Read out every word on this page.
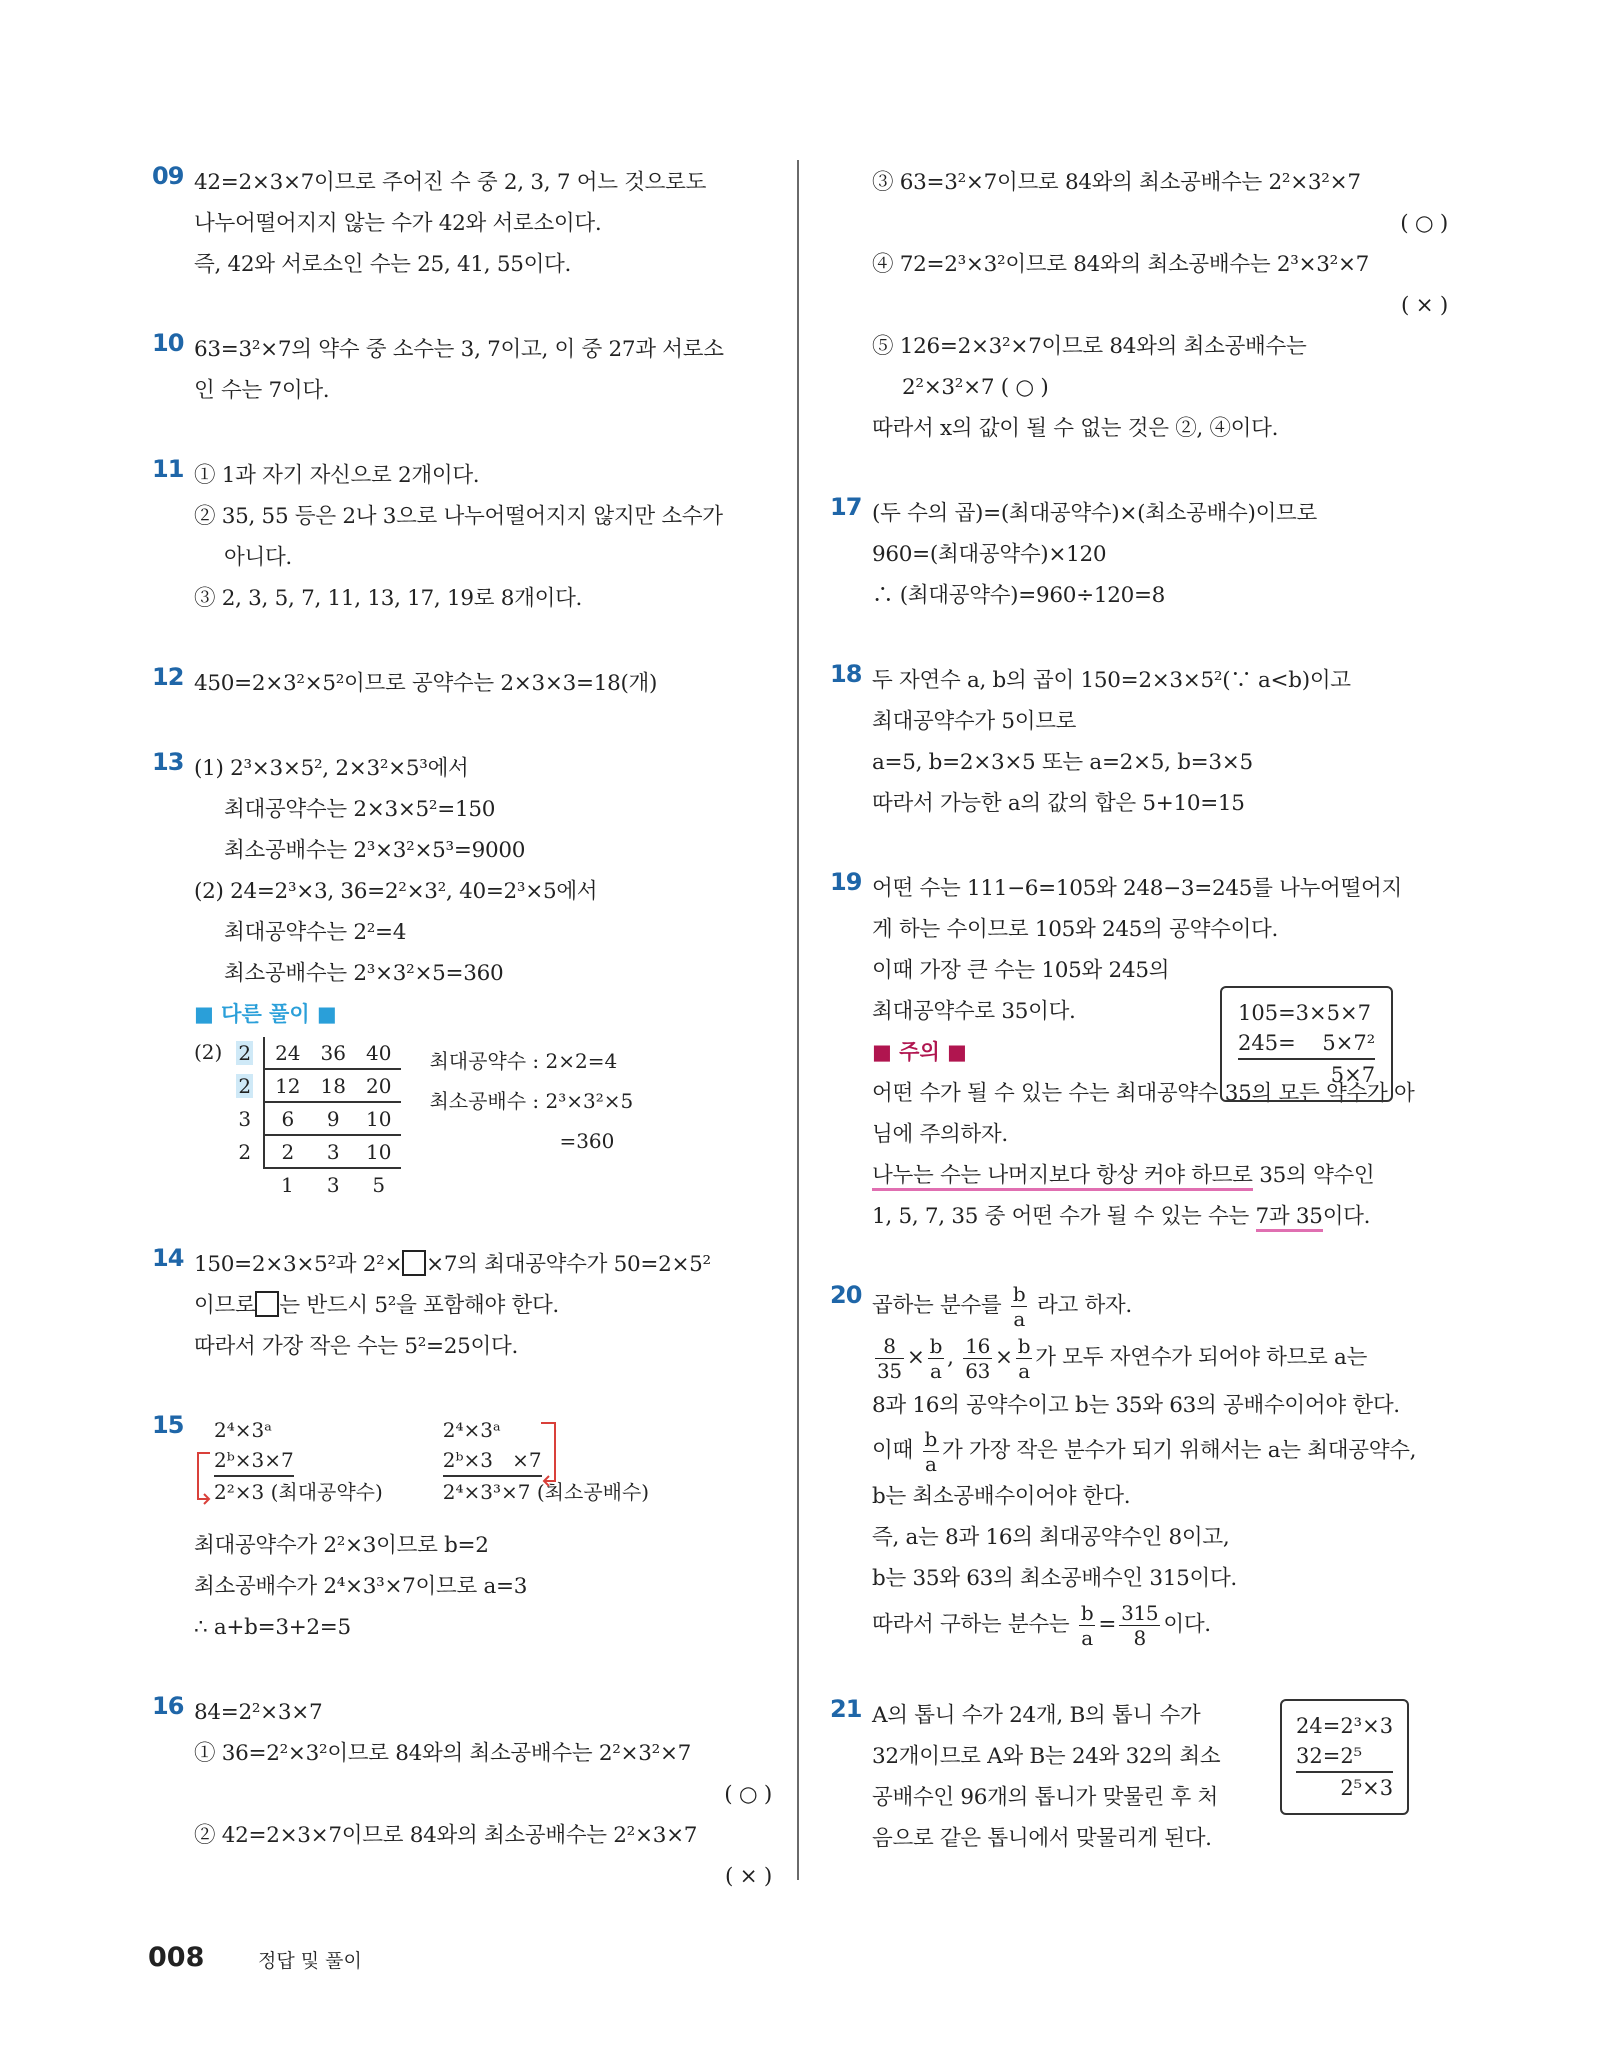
09 42=2×3×7이므로 주어진 수 중 2, 3, 7 어느 것으로도
나누어떨어지지 않는 수가 42와 서로소이다.
즉, 42와 서로소인 수는 25, 41, 55이다.
10 63=3²×7의 약수 중 소수는 3, 7이고, 이 중 27과 서로소
인 수는 7이다.
11 ① 1과 자기 자신으로 2개이다.
② 35, 55 등은 2나 3으로 나누어떨어지지 않지만 소수가
아니다.
③ 2, 3, 5, 7, 11, 13, 17, 19로 8개이다.
12 450=2×3²×5²이므로 공약수는 2×3×3=18(개)
13 (1) 2³×3×5², 2×3²×5³에서
최대공약수는 2×3×5²=150
최소공배수는 2³×3²×5³=9000
(2) 24=2³×3, 36=2²×3², 40=2³×5에서
최대공약수는 2²=4
최소공배수는 2³×3²×5=360
■ 다른 풀이 ■
(2) 2	24	36	40
2	12	18	20
3	6	9	10
2	2	3	10
	1	3	5
최대공약수 : 2×2=4
최소공배수 : 2³×3²×5
=360
14 150=2×3×5²과 2²× ×7의 최대공약수가 50=2×5²
이므로 는 반드시 5²을 포함해야 한다.
따라서 가장 작은 수는 5²=25이다.
15 2⁴×3ᵃ
2ᵇ×3×7
2²×3 (최대공약수)
2⁴×3ᵃ
2ᵇ×3   ×7
2⁴×3³×7 (최소공배수)
최대공약수가 2²×3이므로 b=2
최소공배수가 2⁴×3³×7이므로 a=3
∴ a+b=3+2=5
16 84=2²×3×7
① 36=2²×3²이므로 84와의 최소공배수는 2²×3²×7
( ○ )
② 42=2×3×7이므로 84와의 최소공배수는 2²×3×7
( × )
③ 63=3²×7이므로 84와의 최소공배수는 2²×3²×7
( ○ )
④ 72=2³×3²이므로 84와의 최소공배수는 2³×3²×7
( × )
⑤ 126=2×3²×7이므로 84와의 최소공배수는
2²×3²×7 ( ○ )
따라서 x의 값이 될 수 없는 것은 ②, ④이다.
17 (두 수의 곱)=(최대공약수)×(최소공배수)이므로
960=(최대공약수)×120
∴ (최대공약수)=960÷120=8
18 두 자연수 a, b의 곱이 150=2×3×5²(∵ a<b)이고
최대공약수가 5이므로
a=5, b=2×3×5 또는 a=2×5, b=3×5
따라서 가능한 a의 값의 합은 5+10=15
19 어떤 수는 111−6=105와 248−3=245를 나누어떨어지
게 하는 수이므로 105와 245의 공약수이다.
이때 가장 큰 수는 105와 245의
최대공약수로 35이다.	105=3×5×7
245=    5×7²
5×7
■ 주의 ■
어떤 수가 될 수 있는 수는 최대공약수 35의 모든 약수가 아
님에 주의하자.
나누는 수는 나머지보다 항상 커야 하므로 35의 약수인
1, 5, 7, 35 중 어떤 수가 될 수 있는 수는 7과 35이다.
20 곱하는 분수를 $\frac{b}{a}$ 라고 하자.
$\frac{8}{35} \times \frac{b}{a}$ , $\frac{16}{63} \times \frac{b}{a}$ 가 모두 자연수가 되어야 하므로 a는
8과 16의 공약수이고 b는 35와 63의 공배수이어야 한다.
이때 $\frac{b}{a}$ 가 가장 작은 분수가 되기 위해서는 a는 최대공약수,
b는 최소공배수이어야 한다.
즉, a는 8과 16의 최대공약수인 8이고,
b는 35와 63의 최소공배수인 315이다.
따라서 구하는 분수는 $\frac{b}{a} = \frac{315}{8}$ 이다.
21 A의 톱니 수가 24개, B의 톱니 수가
32개이므로 A와 B는 24와 32의 최소
공배수인 96개의 톱니가 맞물린 후 처
음으로 같은 톱니에서 맞물리게 된다.
24=2³×3
32=2⁵
2⁵×3
008	정답 및 풀이
